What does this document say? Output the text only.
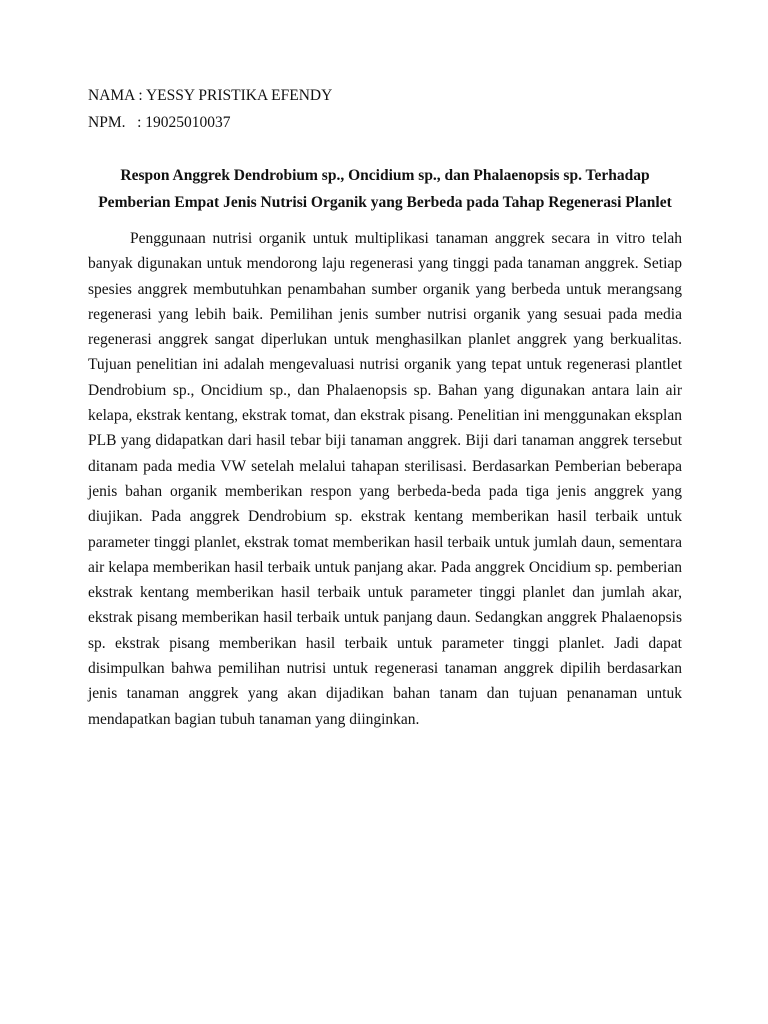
NAMA : YESSY PRISTIKA EFENDY
NPM.   : 19025010037
Respon Anggrek Dendrobium sp., Oncidium sp., dan Phalaenopsis sp. Terhadap
Pemberian Empat Jenis Nutrisi Organik yang Berbeda pada Tahap Regenerasi Planlet

Penggunaan nutrisi organik untuk multiplikasi tanaman anggrek secara in vitro telah banyak digunakan untuk mendorong laju regenerasi yang tinggi pada tanaman anggrek. Setiap spesies anggrek membutuhkan penambahan sumber organik yang berbeda untuk merangsang regenerasi yang lebih baik. Pemilihan jenis sumber nutrisi organik yang sesuai pada media regenerasi anggrek sangat diperlukan untuk menghasilkan planlet anggrek yang berkualitas. Tujuan penelitian ini adalah mengevaluasi nutrisi organik yang tepat untuk regenerasi plantlet Dendrobium sp., Oncidium sp., dan Phalaenopsis sp. Bahan yang digunakan antara lain air kelapa, ekstrak kentang, ekstrak tomat, dan ekstrak pisang. Penelitian ini menggunakan eksplan PLB yang didapatkan dari hasil tebar biji tanaman anggrek. Biji dari tanaman anggrek tersebut ditanam pada media VW setelah melalui tahapan sterilisasi. Berdasarkan Pemberian beberapa jenis bahan organik memberikan respon yang berbeda-beda pada tiga jenis anggrek yang diujikan. Pada anggrek Dendrobium sp. ekstrak kentang memberikan hasil terbaik untuk parameter tinggi planlet, ekstrak tomat memberikan hasil terbaik untuk jumlah daun, sementara air kelapa memberikan hasil terbaik untuk panjang akar. Pada anggrek Oncidium sp. pemberian ekstrak kentang memberikan hasil terbaik untuk parameter tinggi planlet dan jumlah akar, ekstrak pisang memberikan hasil terbaik untuk panjang daun. Sedangkan anggrek Phalaenopsis sp. ekstrak pisang memberikan hasil terbaik untuk parameter tinggi planlet. Jadi dapat disimpulkan bahwa pemilihan nutrisi untuk regenerasi tanaman anggrek dipilih berdasarkan jenis tanaman anggrek yang akan dijadikan bahan tanam dan tujuan penanaman untuk mendapatkan bagian tubuh tanaman yang diinginkan.
